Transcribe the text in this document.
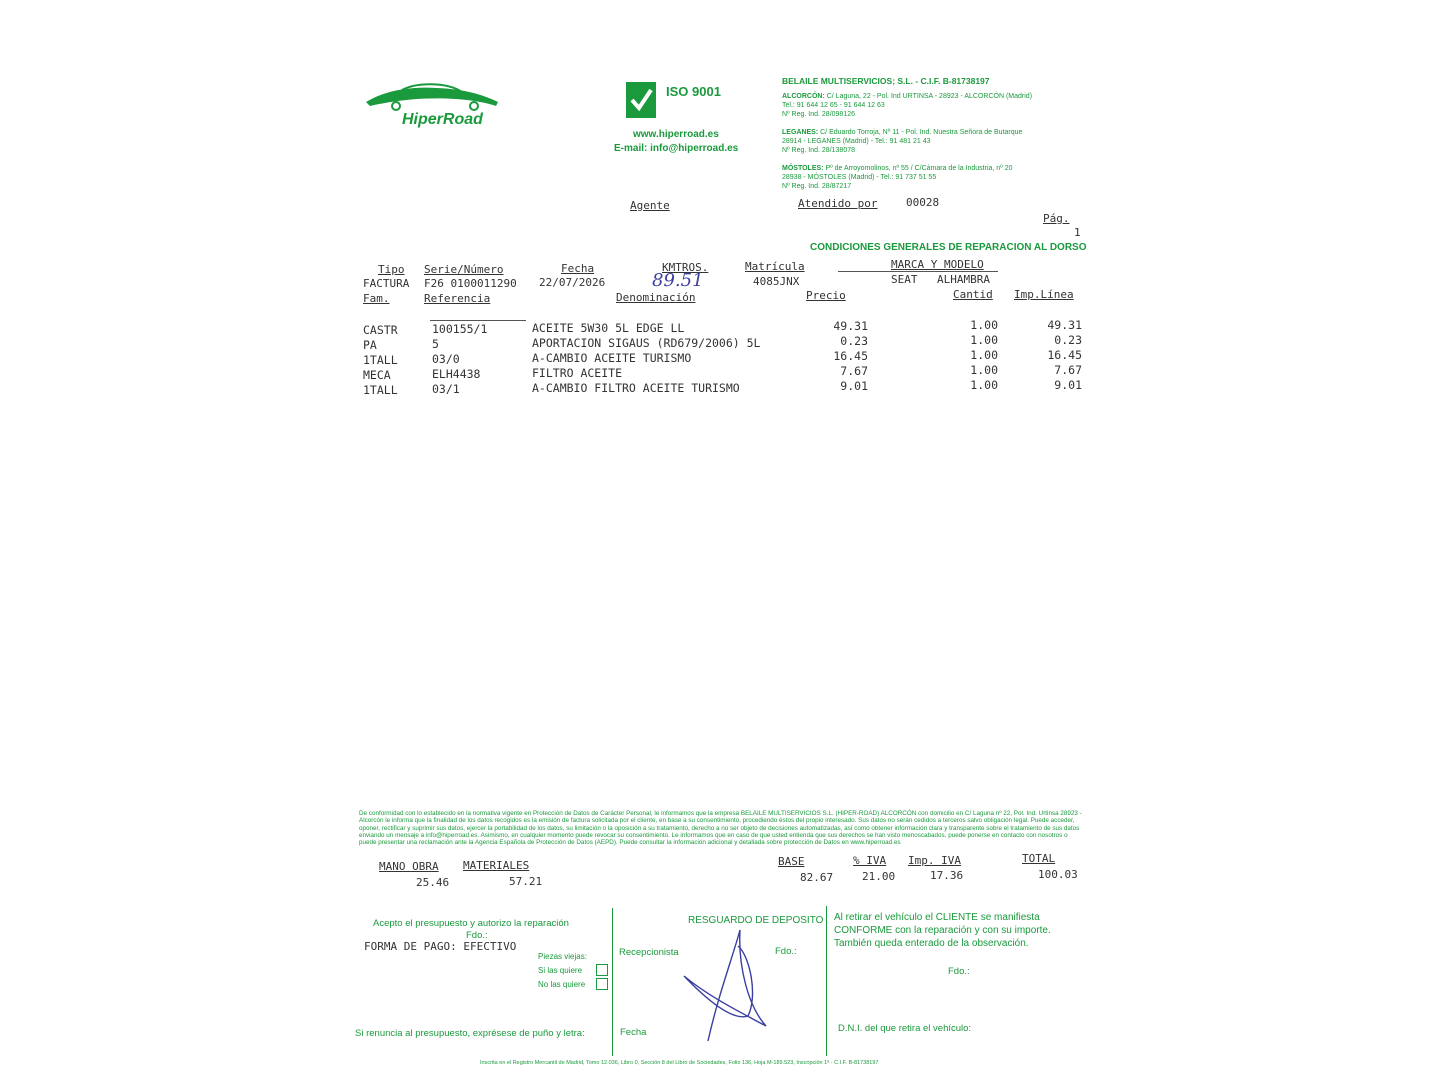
HiperRoad
ISO 9001
www.hiperroad.es
E-mail: info@hiperroad.es
BELAILE MULTISERVICIOS; S.L. - C.I.F. B-81738197
ALCORCÓN: C/ Laguna, 22 - Pol. Ind URTINSA - 28923 - ALCORCÓN (Madrid)
Tel.: 91 644 12 65 - 91 644 12 63
Nº Reg. Ind. 28/098126
LEGANES: C/ Eduardo Torroja, Nº 11 - Pol. Ind. Nuestra Señora de Butarque
28914 - LEGANES (Madrid) - Tel.: 91 481 21 43
Nº Reg. Ind. 28/138078
MÓSTOLES: Pº de Arroyomolinos, nº 55 / C/Cámara de la Industria, nº 20
28938 - MÓSTOLES (Madrid) - Tel.: 91 737 51 55
Nº Reg. Ind. 28/87217
Agente	Atendido por	00028
Pág.
1
CONDICIONES GENERALES DE REPARACION AL DORSO
Tipo Serie/Número	Fecha	KMTROS.	Matrícula	MARCA Y MODELO
FACTURA F26 0100011290 22/07/2026	89.51	4085JNX	SEAT ALHAMBRA
Fam.	Referencia	Denominación	Precio	Cantid Imp.Línea
CASTR	100155/1	ACEITE 5W30 5L EDGE LL	49.31	1.00	49.31
PA	5	APORTACION SIGAUS (RD679/2006) 5L	0.23	1.00	0.23
1TALL	03/0	A-CAMBIO ACEITE TURISMO	16.45	1.00	16.45
MECA	ELH4438	FILTRO ACEITE	7.67	1.00	7.67
1TALL	03/1	A-CAMBIO FILTRO ACEITE TURISMO	9.01	1.00	9.01
De conformidad con lo establecido en la normativa vigente en Protección de Datos de Carácter Personal, le informamos que la empresa BELAILE MULTISERVICIOS S.L. (HIPER-ROAD) ALCORCÓN con domicilio en C/ Laguna nº 22, Pol. Ind. Urtinsa 28923 - Alcorcón le informa que la finalidad de los datos recogidos es la emisión de factura solicitada por el cliente, en base a su consentimiento, procediendo éstos del propio interesado. Sus datos no serán cedidos a terceros salvo obligación legal. Puede acceder, oponer, rectificar y suprimir sus datos, ejercer la portabilidad de los datos, su limitación o la oposición a su tratamiento, derecho a no ser objeto de decisiones automatizadas, así como obtener información clara y transparente sobre el tratamiento de sus datos enviando un mensaje a info@hiperroad.es. Asimismo, en cualquier momento puede revocar su consentimiento. Le informamos que en caso de que usted entienda que sus derechos se han visto menoscabados, puede ponerse en contacto con nosotros o puede presentar una reclamación ante la Agencia Española de Protección de Datos (AEPD). Puede consultar la información adicional y detallada sobre protección de Datos en www.hiperroad.es
MANO OBRA MATERIALES
25.46	57.21
BASE	% IVA Imp. IVA	TOTAL
82.67	21.00	17.36	100.03
Acepto el presupuesto y autorizo la reparación
Fdo.:
FORMA DE PAGO: EFECTIVO
Piezas viejas:
Si las quiere
No las quiere
Si renuncia al presupuesto, exprésese de puño y letra:
RESGUARDO DE DEPOSITO
Recepcionista	Fdo.:
Fecha
Al retirar el vehículo el CLIENTE se manifiesta
CONFORME con la reparación y con su importe.
También queda enterado de la observación.
Fdo.:
D.N.I. del que retira el vehículo:
Inscrita en el Registro Mercantil de Madrid, Tomo 12.036, Libro 0, Sección 8 del Libro de Sociedades, Folio 136, Hoja M-189.523, Inscripción 1ª - C.I.F. B-81738197
